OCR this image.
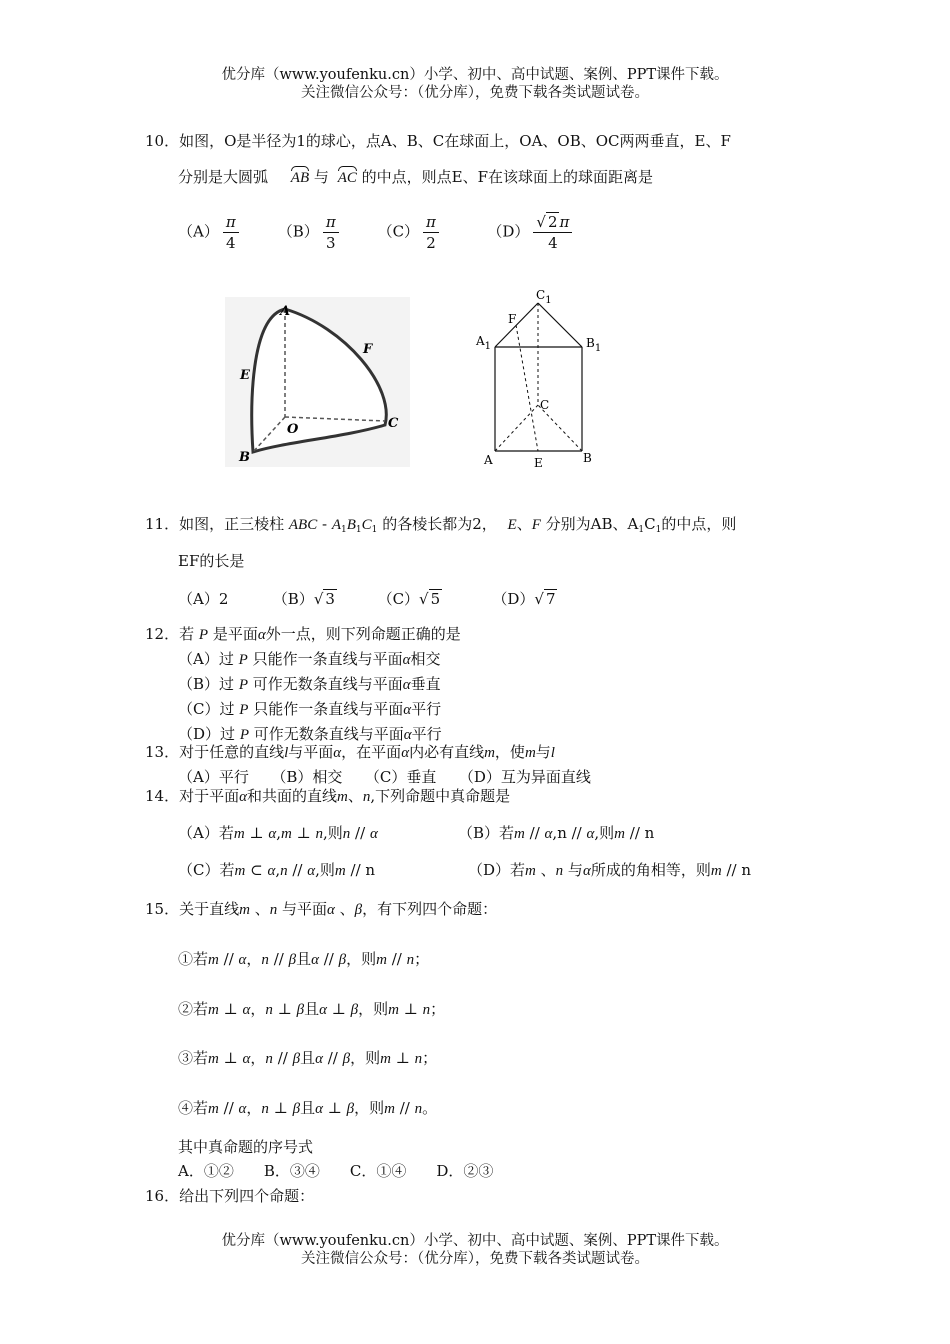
优分库（www.youfenku.cn）小学、初中、高中试题、案例、PPT课件下载。
关注微信公众号：（优分库），免费下载各类试题试卷。
10．如图，O是半径为1的球心，点A、B、C在球面上，OA、OB、OC两两垂直，E、F
分别是大圆弧 AB 与 AC 的中点，则点E、F在该球面上的球面距离是
$(A) \frac{\pi}{4}$	$(B) \frac{\pi}{3}$	$(C) \frac{\pi}{2}$	$(D) \frac{√ 2 \pi}{4}$
A
B
C
O
E
F
$C_1$
$A_1$	$B_1$
F
C
A	E	B
11．如图，正三棱柱 ABC - $A_1B_1C_1$ 的各棱长都为2， E、F 分别为AB、$A_1C_1$的中点，则
EF的长是
（A）2	（B）√ 3	（C）√ 5	（D）√ 7
12．若 P 是平面α外一点，则下列命题正确的是
（A）过 P 只能作一条直线与平面α相交
（B）过 P 可作无数条直线与平面α垂直
（C）过 P 只能作一条直线与平面α平行
（D）过 P 可作无数条直线与平面α平行
13．对于任意的直线l与平面α，在平面α内必有直线m，使m与l
（A）平行　　（B）相交　　（C）垂直　　（D）互为异面直线
14．对于平面α和共面的直线m、n,下列命题中真命题是
（A）若m ⊥ α,m ⊥ n,则n // α	（B）若m // α,n // α,则m // n
（C）若m ⊂ α,n // α,则m // n	（D）若m 、n 与α所成的角相等，则m // n
15．关于直线m 、n 与平面α 、β，有下列四个命题：
①若m // α，n // β且α // β，则m // n；
②若m ⊥ α，n ⊥ β且α ⊥ β，则m ⊥ n；
③若m ⊥ α，n // β且α // β，则m ⊥ n；
④若m // α，n ⊥ β且α ⊥ β，则m // n。
其中真命题的序号式
A．①②　　B．③④　　C．①④　　D．②③
16．给出下列四个命题：
优分库（www.youfenku.cn）小学、初中、高中试题、案例、PPT课件下载。
关注微信公众号：（优分库），免费下载各类试题试卷。
